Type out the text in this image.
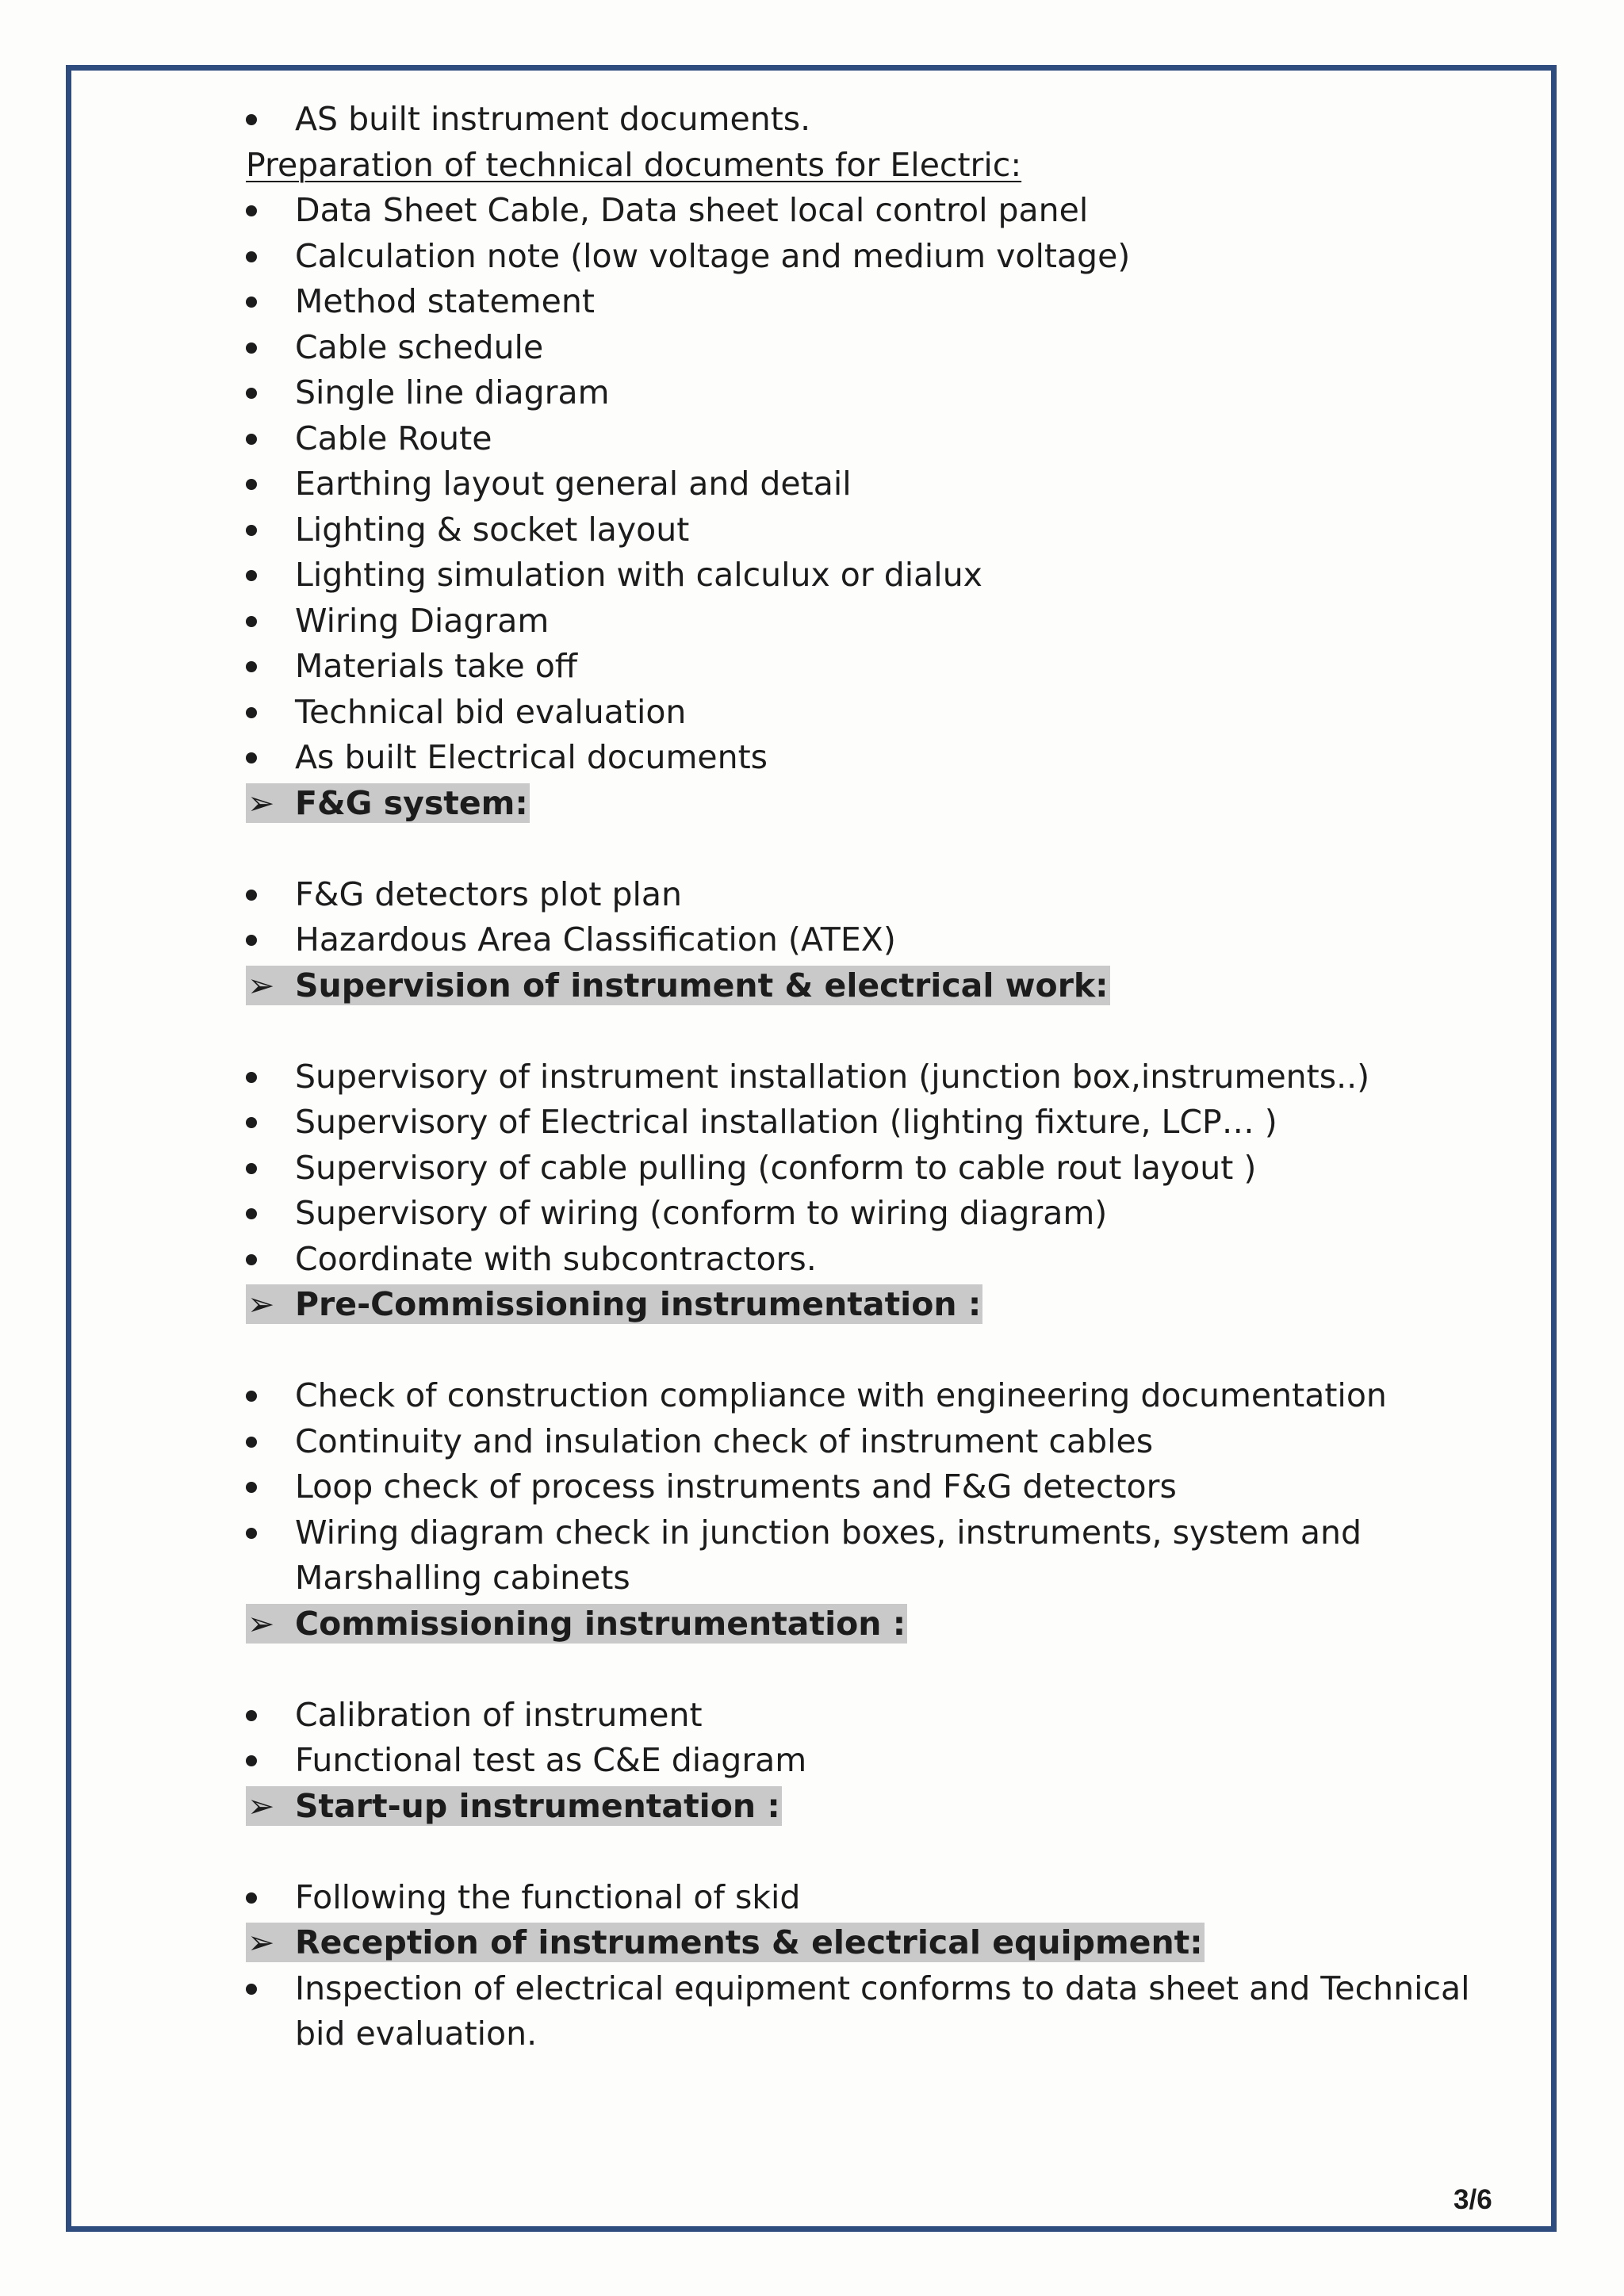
AS built instrument documents.
Preparation of technical documents for Electric:
Data Sheet Cable, Data sheet local control panel
Calculation note (low voltage and medium voltage)
Method statement
Cable schedule
Single line diagram
Cable Route
Earthing layout general and detail
Lighting & socket layout
Lighting simulation with calculux or dialux
Wiring Diagram
Materials take off
Technical bid evaluation
As built Electrical documents
➢ F&G system:
F&G detectors plot plan
Hazardous Area Classification (ATEX)
➢ Supervision of instrument & electrical work:
Supervisory of instrument installation (junction box,instruments..)
Supervisory of Electrical installation (lighting fixture, LCP… )
Supervisory of cable pulling (conform to cable rout layout )
Supervisory of wiring (conform to wiring diagram)
Coordinate with subcontractors.
➢ Pre-Commissioning instrumentation :
Check of construction compliance with engineering documentation
Continuity and insulation check of instrument cables
Loop check of process instruments and F&G detectors
Wiring diagram check in junction boxes, instruments, system and Marshalling cabinets
➢ Commissioning instrumentation :
Calibration of instrument
Functional test as C&E diagram
➢ Start-up instrumentation :
Following the functional of skid
➢ Reception of instruments & electrical equipment:
Inspection of electrical equipment conforms to data sheet and Technical bid evaluation.
3/6
